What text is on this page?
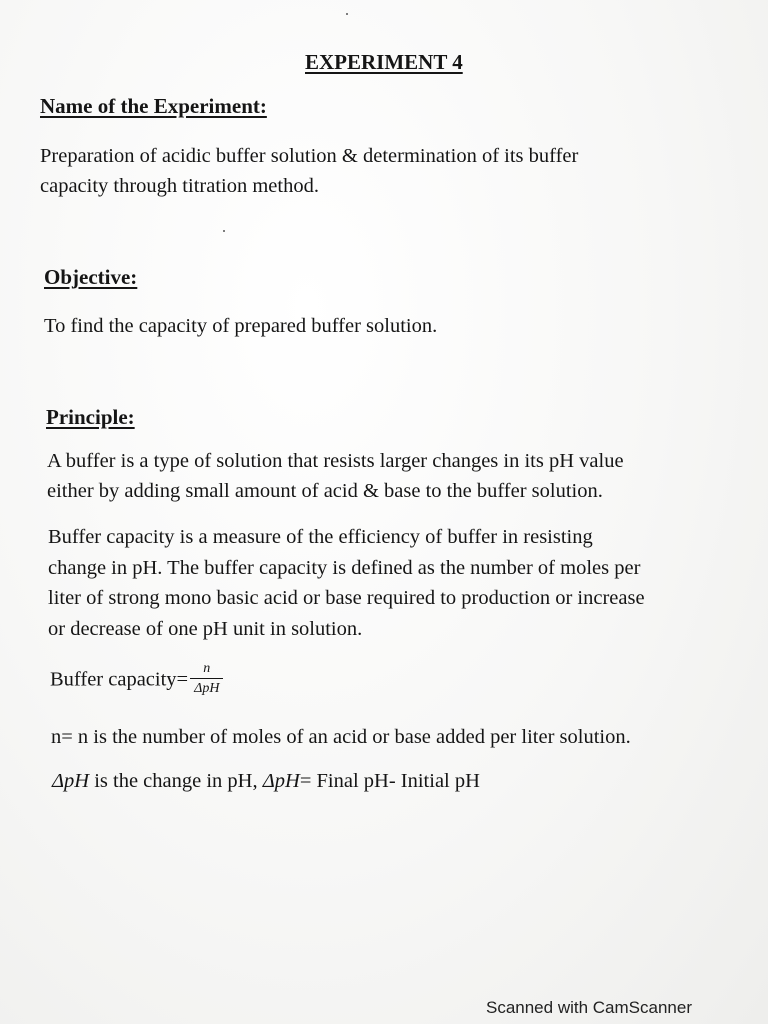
EXPERIMENT 4
Name of the Experiment:
Preparation of acidic buffer solution & determination of its buffer
capacity through titration method.
Objective:
To find the capacity of prepared buffer solution.
Principle:
A buffer is a type of solution that resists larger changes in its pH value
either by adding small amount of acid & base to the buffer solution.
Buffer capacity is a measure of the efficiency of buffer in resisting
change in pH. The buffer capacity is defined as the number of moles per
liter of strong mono basic acid or base required to production or increase
or decrease of one pH unit in solution.
Buffer capacity= $\frac{n}{\text{ΔpH}}$
n= n is the number of moles of an acid or base added per liter solution.
ΔpH is the change in pH, ΔpH= Final pH- Initial pH
Scanned with CamScanner
